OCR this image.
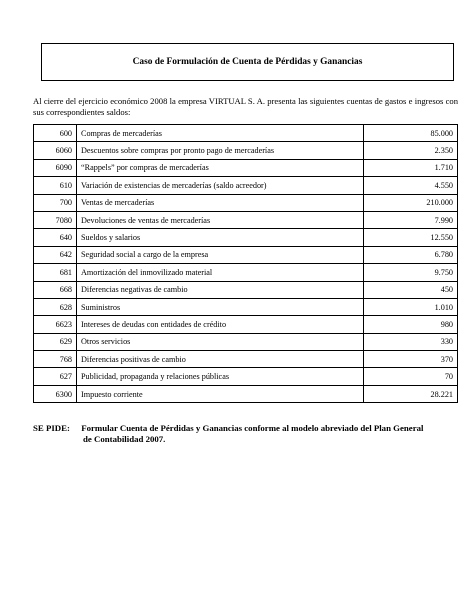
Caso de Formulación de Cuenta de Pérdidas y Ganancias
Al cierre del ejercicio económico 2008 la empresa VIRTUAL S. A. presenta las siguientes cuentas de gastos e ingresos con sus correspondientes saldos:
600	Compras de mercaderías	85.000
6060	Descuentos sobre compras por pronto pago de mercaderías	2.350
6090	“Rappels” por compras de mercaderías	1.710
610	Variación de existencias de mercaderías (saldo acreedor)	4.550
700	Ventas de mercaderías	210.000
7080	Devoluciones de ventas de mercaderías	7.990
640	Sueldos y salarios	12.550
642	Seguridad social a cargo de la empresa	6.780
681	Amortización del inmovilizado material	9.750
668	Diferencias negativas de cambio	450
628	Suministros	1.010
6623	Intereses de deudas con entidades de crédito	980
629	Otros servicios	330
768	Diferencias positivas de cambio	370
627	Publicidad, propaganda y relaciones públicas	70
6300	Impuesto corriente	28.221
SE PIDE: Formular Cuenta de Pérdidas y Ganancias conforme al modelo abreviado del Plan General
de Contabilidad 2007.
